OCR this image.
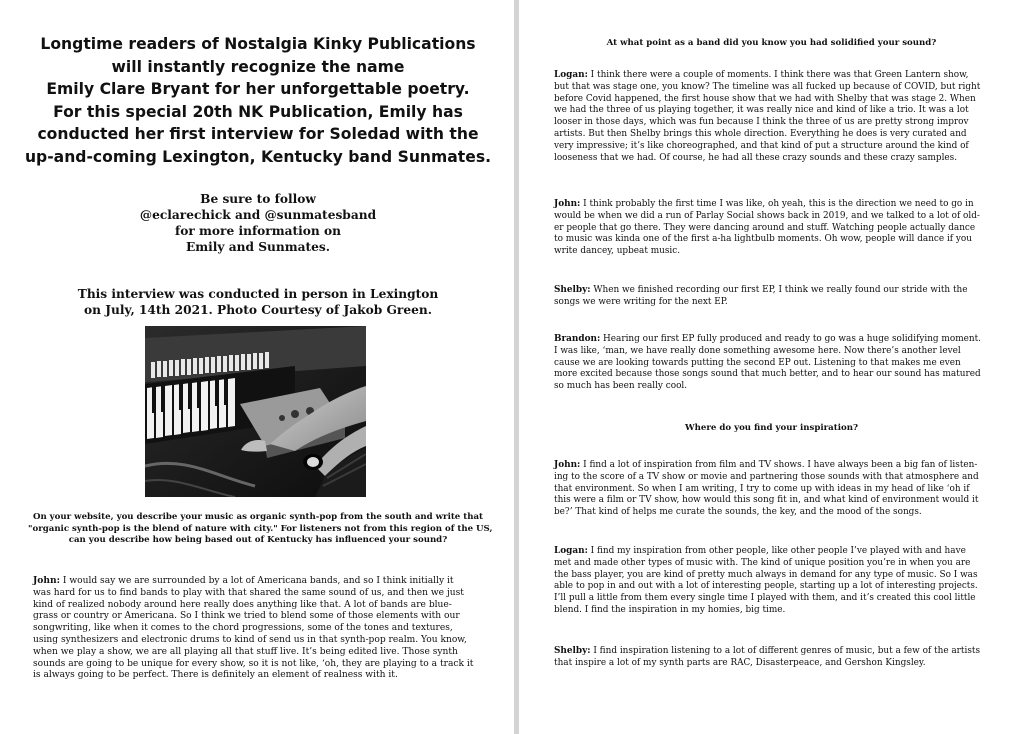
Longtime readers of Nostalgia Kinky Publications
will instantly recognize the name
Emily Clare Bryant for her unforgettable poetry.
For this special 20th NK Publication, Emily has
conducted her first interview for Soledad with the
up-and-coming Lexington, Kentucky band Sunmates.
Be sure to follow
@eclarechick and @sunmatesband
for more information on
Emily and Sunmates.
This interview was conducted in person in Lexington
on July, 14th 2021. Photo Courtesy of Jakob Green.
On your website, you describe your music as organic synth-pop from the south and write that
"organic synth-pop is the blend of nature with city." For listeners not from this region of the US,
can you describe how being based out of Kentucky has influenced your sound?
John: I would say we are surrounded by a lot of Americana bands, and so I think initially it
was hard for us to find bands to play with that shared the same sound of us, and then we just
kind of realized nobody around here really does anything like that. A lot of bands are blue-
grass or country or Americana. So I think we tried to blend some of those elements with our
songwriting, like when it comes to the chord progressions, some of the tones and textures,
using synthesizers and electronic drums to kind of send us in that synth-pop realm. You know,
when we play a show, we are all playing all that stuff live. It’s being edited live. Those synth
sounds are going to be unique for every show, so it is not like, ‘oh, they are playing to a track it
is always going to be perfect. There is definitely an element of realness with it.
At what point as a band did you know you had solidified your sound?
Logan: I think there were a couple of moments. I think there was that Green Lantern show,
but that was stage one, you know? The timeline was all fucked up because of COVID, but right
before Covid happened, the first house show that we had with Shelby that was stage 2. When
we had the three of us playing together, it was really nice and kind of like a trio. It was a lot
looser in those days, which was fun because I think the three of us are pretty strong improv
artists. But then Shelby brings this whole direction. Everything he does is very curated and
very impressive; it’s like choreographed, and that kind of put a structure around the kind of
looseness that we had. Of course, he had all these crazy sounds and these crazy samples.
John: I think probably the first time I was like, oh yeah, this is the direction we need to go in
would be when we did a run of Parlay Social shows back in 2019, and we talked to a lot of old-
er people that go there. They were dancing around and stuff. Watching people actually dance
to music was kinda one of the first a-ha lightbulb moments. Oh wow, people will dance if you
write dancey, upbeat music.
Shelby: When we finished recording our first EP, I think we really found our stride with the
songs we were writing for the next EP.
Brandon: Hearing our first EP fully produced and ready to go was a huge solidifying moment.
I was like, ‘man, we have really done something awesome here. Now there’s another level
cause we are looking towards putting the second EP out. Listening to that makes me even
more excited because those songs sound that much better, and to hear our sound has matured
so much has been really cool.
Where do you find your inspiration?
John: I find a lot of inspiration from film and TV shows. I have always been a big fan of listen-
ing to the score of a TV show or movie and partnering those sounds with that atmosphere and
that environment. So when I am writing, I try to come up with ideas in my head of like ‘oh if
this were a film or TV show, how would this song fit in, and what kind of environment would it
be?’ That kind of helps me curate the sounds, the key, and the mood of the songs.
Logan: I find my inspiration from other people, like other people I’ve played with and have
met and made other types of music with. The kind of unique position you’re in when you are
the bass player, you are kind of pretty much always in demand for any type of music. So I was
able to pop in and out with a lot of interesting people, starting up a lot of interesting projects.
I’ll pull a little from them every single time I played with them, and it’s created this cool little
blend. I find the inspiration in my homies, big time.
Shelby: I find inspiration listening to a lot of different genres of music, but a few of the artists
that inspire a lot of my synth parts are RAC, Disasterpeace, and Gershon Kingsley.
